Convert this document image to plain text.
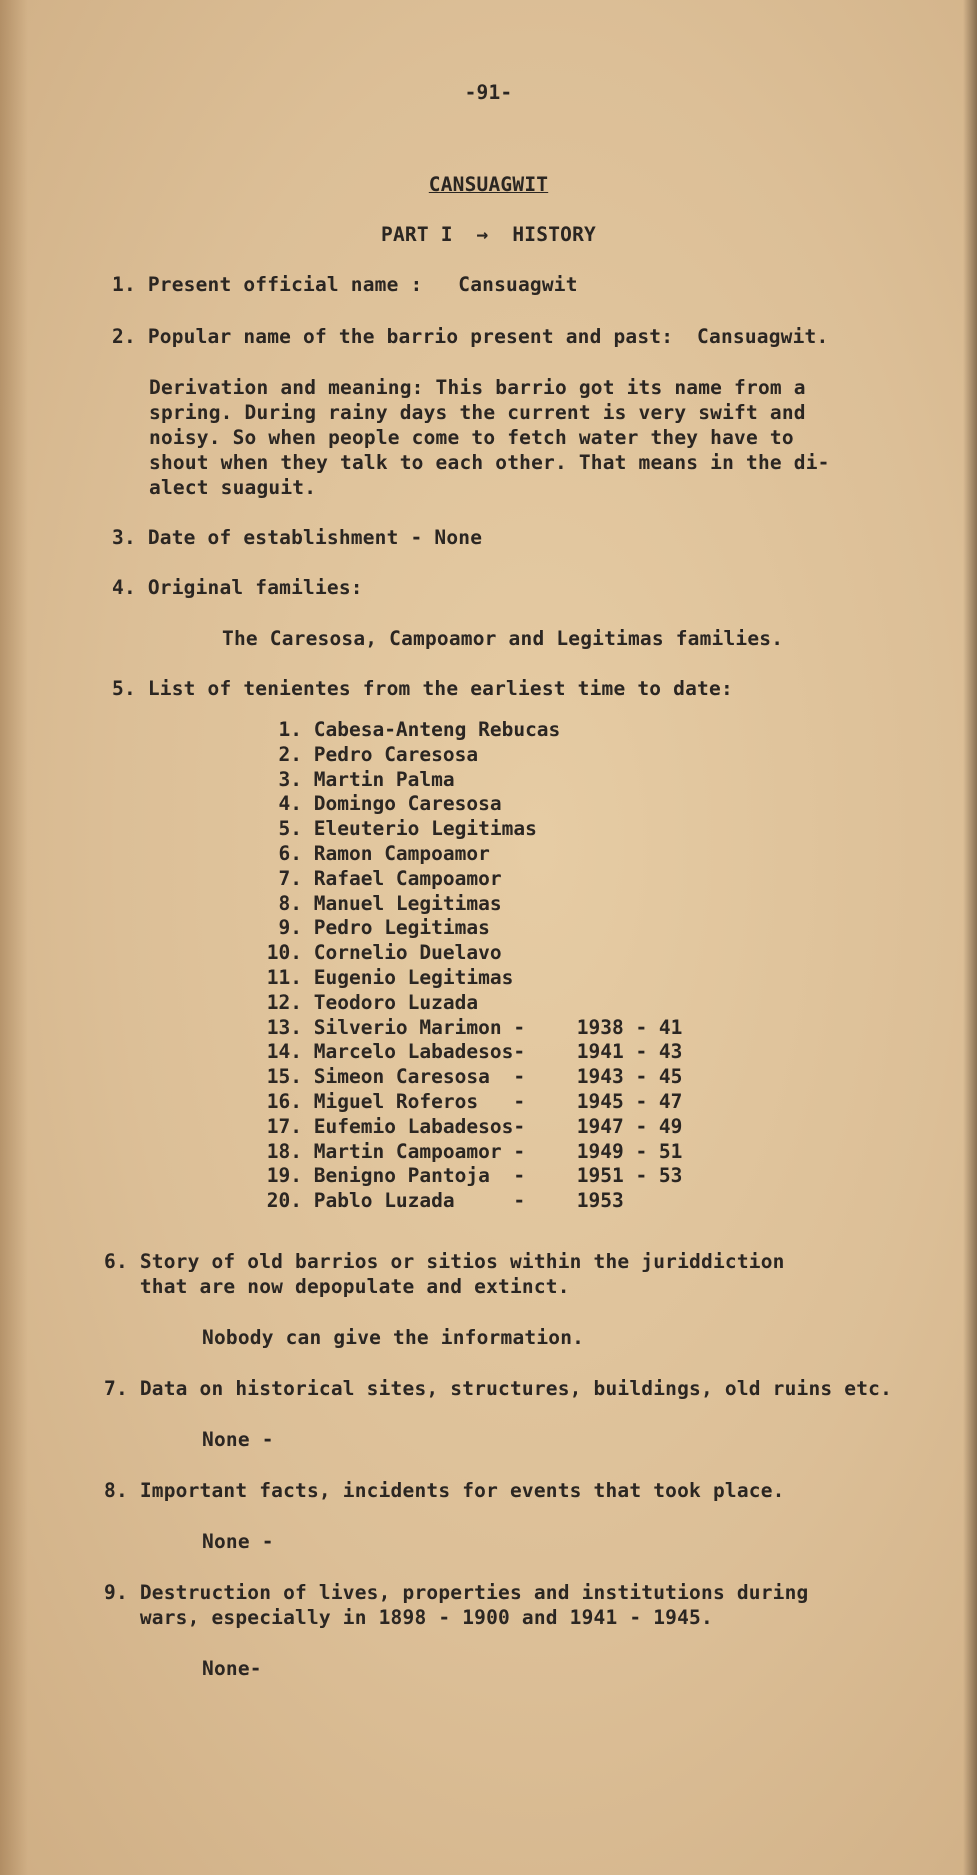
-91-
CANSUAGWIT
PART I  →  HISTORY
1. Present official name :   Cansuagwit
2. Popular name of the barrio present and past:  Cansuagwit.
Derivation and meaning: This barrio got its name from a
spring. During rainy days the current is very swift and
noisy. So when people come to fetch water they have to
shout when they talk to each other. That means in the di-
alect suaguit.
3. Date of establishment - None
4. Original families:
The Caresosa, Campoamor and Legitimas families.
5. List of tenientes from the earliest time to date:
1. Cabesa-Anteng Rebucas
2. Pedro Caresosa
3. Martin Palma
4. Domingo Caresosa
5. Eleuterio Legitimas
6. Ramon Campoamor
7. Rafael Campoamor
8. Manuel Legitimas
9. Pedro Legitimas
10. Cornelio Duelavo
11. Eugenio Legitimas
12. Teodoro Luzada
13. Silverio Marimon -	1938 - 41
14. Marcelo Labadesos-	1941 - 43
15. Simeon Caresosa  -	1943 - 45
16. Miguel Roferos   -	1945 - 47
17. Eufemio Labadesos-	1947 - 49
18. Martin Campoamor -	1949 - 51
19. Benigno Pantoja  -	1951 - 53
20. Pablo Luzada     -	1953
6. Story of old barrios or sitios within the juriddiction
that are now depopulate and extinct.
Nobody can give the information.
7. Data on historical sites, structures, buildings, old ruins etc.
None -
8. Important facts, incidents for events that took place.
None -
9. Destruction of lives, properties and institutions during
wars, especially in 1898 - 1900 and 1941 - 1945.
None-
